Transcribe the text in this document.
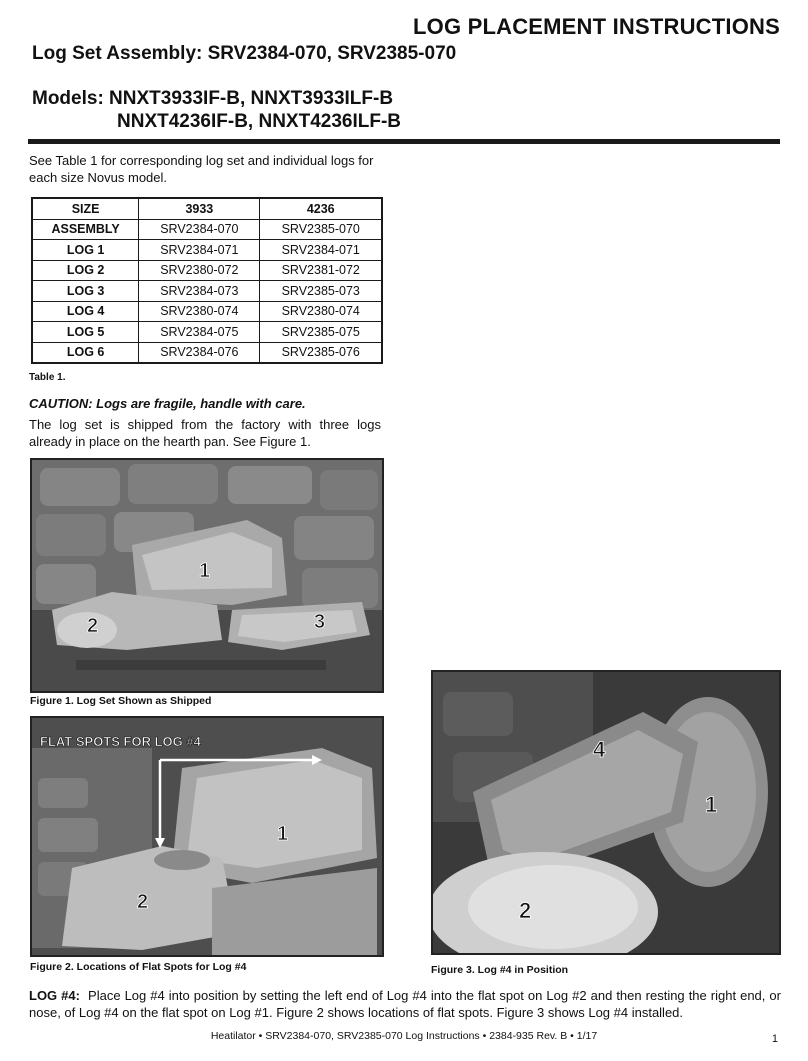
LOG PLACEMENT INSTRUCTIONS
Log Set Assembly: SRV2384-070, SRV2385-070
Models: NNXT3933IF-B, NNXT3933ILF-B
NNXT4236IF-B, NNXT4236ILF-B
See Table 1 for corresponding log set and individual logs for each size Novus model.
SIZE	3933	4236
ASSEMBLY	SRV2384-070	SRV2385-070
LOG 1	SRV2384-071	SRV2384-071
LOG 2	SRV2380-072	SRV2381-072
LOG 3	SRV2384-073	SRV2385-073
LOG 4	SRV2380-074	SRV2380-074
LOG 5	SRV2384-075	SRV2385-075
LOG 6	SRV2384-076	SRV2385-076
Table 1.
CAUTION: Logs are fragile, handle with care.
The log set is shipped from the factory with three logs already in place on the hearth pan. See Figure 1.
1
2	3
Figure 1. Log Set Shown as Shipped
FLAT SPOTS FOR LOG #4
1
2
Figure 2. Locations of Flat Spots for Log #4
4
1
2
Figure 3. Log #4 in Position
LOG #4: Place Log #4 into position by setting the left end of Log #4 into the flat spot on Log #2 and then resting the right end, or nose, of Log #4 on the flat spot on Log #1. Figure 2 shows locations of flat spots. Figure 3 shows Log #4 installed.
Heatilator • SRV2384-070, SRV2385-070 Log Instructions • 2384-935 Rev. B • 1/17	1
